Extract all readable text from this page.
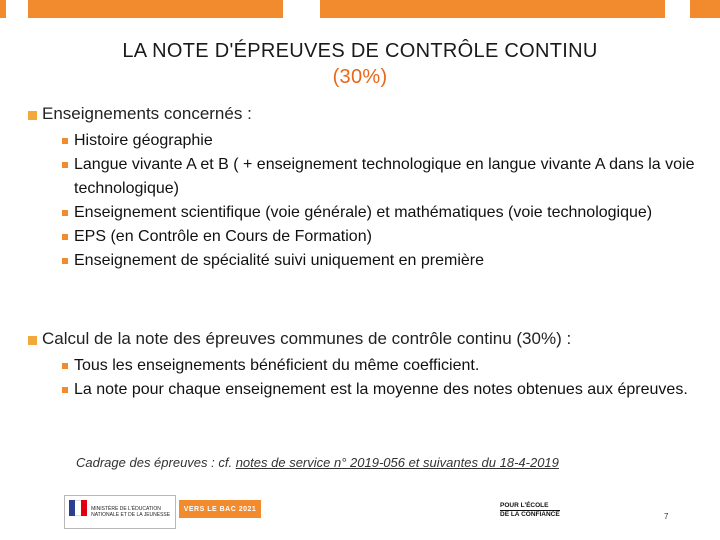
LA NOTE D'ÉPREUVES DE CONTRÔLE CONTINU
(30%)
Enseignements concernés :
Histoire géographie
Langue vivante A et B ( + enseignement technologique en langue vivante A dans la voie technologique)
Enseignement scientifique (voie générale) et mathématiques (voie technologique)
EPS (en Contrôle en Cours de Formation)
Enseignement de spécialité suivi uniquement en première
Calcul de la note des épreuves communes de contrôle continu (30%) :
Tous les enseignements bénéficient du même coefficient.
La note pour chaque enseignement est la moyenne des notes obtenues aux épreuves.
Cadrage des épreuves : cf. notes de service n° 2019-056 et suivantes du 18-4-2019
MINISTÈRE DE L'ÉDUCATION NATIONALE ET DE LA JEUNESSE
VERS LE BAC 2021	POUR L'ÉCOLE
DE LA CONFIANCE	7
